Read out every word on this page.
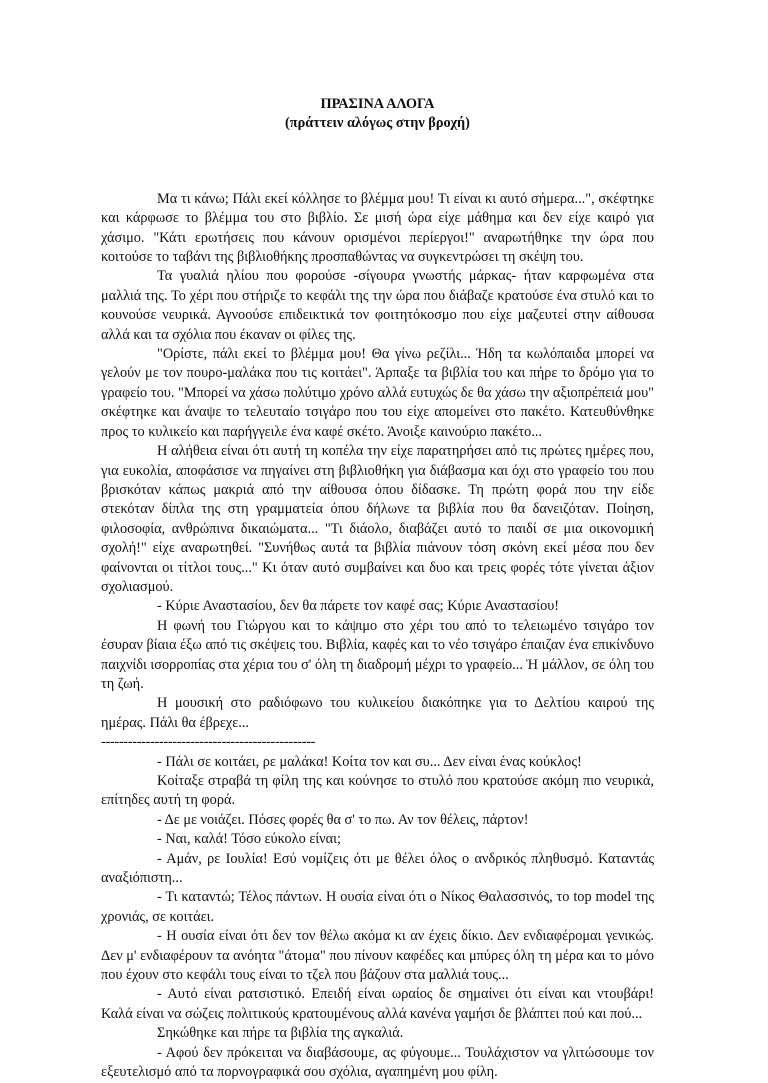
ΠΡΑΣΙΝΑ ΑΛΟΓΑ

(πράττειν αλόγως στην βροχή)

Μα τι κάνω; Πάλι εκεί κόλλησε το βλέμμα μου! Τι είναι κι αυτό σήμερα...", σκέφτηκε και κάρφωσε το βλέμμα του στο βιβλίο. Σε μισή ώρα είχε μάθημα και δεν είχε καιρό για χάσιμο. "Κάτι ερωτήσεις που κάνουν ορισμένοι περίεργοι!" αναρωτήθηκε την ώρα που κοιτούσε το ταβάνι της βιβλιοθήκης προσπαθώντας να συγκεντρώσει τη σκέψη του.

Τα γυαλιά ηλίου που φορούσε -σίγουρα γνωστής μάρκας- ήταν καρφωμένα στα μαλλιά της. Το χέρι που στήριζε το κεφάλι της την ώρα που διάβαζε κρατούσε ένα στυλό και το κουνούσε νευρικά. Αγνοούσε επιδεικτικά τον φοιτητόκοσμο που είχε μαζευτεί στην αίθουσα αλλά και τα σχόλια που έκαναν οι φίλες της.

"Ορίστε, πάλι εκεί το βλέμμα μου! Θα γίνω ρεζίλι... Ήδη τα κωλόπαιδα μπορεί να γελούν με τον πουρο-μαλάκα που τις κοιτάει". Άρπαξε τα βιβλία του και πήρε το δρόμο για το γραφείο του. "Μπορεί να χάσω πολύτιμο χρόνο αλλά ευτυχώς δε θα χάσω την αξιοπρέπειά μου" σκέφτηκε και άναψε το τελευταίο τσιγάρο που του είχε απομείνει στο πακέτο. Κατευθύνθηκε προς το κυλικείο και παρήγγειλε ένα καφέ σκέτο. Άνοιξε καινούριο πακέτο...

Η αλήθεια είναι ότι αυτή τη κοπέλα την είχε παρατηρήσει από τις πρώτες ημέρες που, για ευκολία, αποφάσισε να πηγαίνει στη βιβλιοθήκη για διάβασμα και όχι στο γραφείο του που βρισκόταν κάπως μακριά από την αίθουσα όπου δίδασκε. Τη πρώτη φορά που την είδε στεκόταν δίπλα της στη γραμματεία όπου δήλωνε τα βιβλία που θα δανειζόταν. Ποίηση, φιλοσοφία, ανθρώπινα δικαιώματα... "Τι διάολο, διαβάζει αυτό το παιδί σε μια οικονομική σχολή!" είχε αναρωτηθεί. "Συνήθως αυτά τα βιβλία πιάνουν τόση σκόνη εκεί μέσα που δεν φαίνονται οι τίτλοι τους..." Κι όταν αυτό συμβαίνει και δυο και τρεις φορές τότε γίνεται άξιον σχολιασμού.

- Κύριε Αναστασίου, δεν θα πάρετε τον καφέ σας; Κύριε Αναστασίου!

Η φωνή του Γιώργου και το κάψιμο στο χέρι του από το τελειωμένο τσιγάρο τον έσυραν βίαια έξω από τις σκέψεις του. Βιβλία, καφές και το νέο τσιγάρο έπαιζαν ένα επικίνδυνο παιχνίδι ισορροπίας στα χέρια του σ' όλη τη διαδρομή μέχρι το γραφείο... Ή μάλλον, σε όλη του τη ζωή.

Η μουσική στο ραδιόφωνο του κυλικείου διακόπηκε για το Δελτίου καιρού της ημέρας. Πάλι θα έβρεχε...

------------------------------------------------

- Πάλι σε κοιτάει, ρε μαλάκα! Κοίτα τον και συ... Δεν είναι ένας κούκλος!

Κοίταξε στραβά τη φίλη της και κούνησε το στυλό που κρατούσε ακόμη πιο νευρικά, επίτηδες αυτή τη φορά.

- Δε με νοιάζει. Πόσες φορές θα σ' το πω. Αν τον θέλεις, πάρτον!

- Ναι, καλά! Τόσο εύκολο είναι;

- Αμάν, ρε Ιουλία! Εσύ νομίζεις ότι με θέλει όλος ο ανδρικός πληθυσμό. Καταντάς αναξιόπιστη...

- Τι καταντώ; Τέλος πάντων. Η ουσία είναι ότι ο Νίκος Θαλασσινός, το top model της χρονιάς, σε κοιτάει.

- Η ουσία είναι ότι δεν τον θέλω ακόμα κι αν έχεις δίκιο. Δεν ενδιαφέρομαι γενικώς. Δεν μ' ενδιαφέρουν τα ανόητα "άτομα" που πίνουν καφέδες και μπύρες όλη τη μέρα και το μόνο που έχουν στο κεφάλι τους είναι το τζελ που βάζουν στα μαλλιά τους...

- Αυτό είναι ρατσιστικό. Επειδή είναι ωραίος δε σημαίνει ότι είναι και ντουβάρι! Καλά είναι να σώζεις πολιτικούς κρατουμένους αλλά κανένα γαμήσι δε βλάπτει πού και πού...

Σηκώθηκε και πήρε τα βιβλία της αγκαλιά.

- Αφού δεν πρόκειται να διαβάσουμε, ας φύγουμε... Τουλάχιστον να γλιτώσουμε τον εξευτελισμό από τα πορνογραφικά σου σχόλια, αγαπημένη μου φίλη.
